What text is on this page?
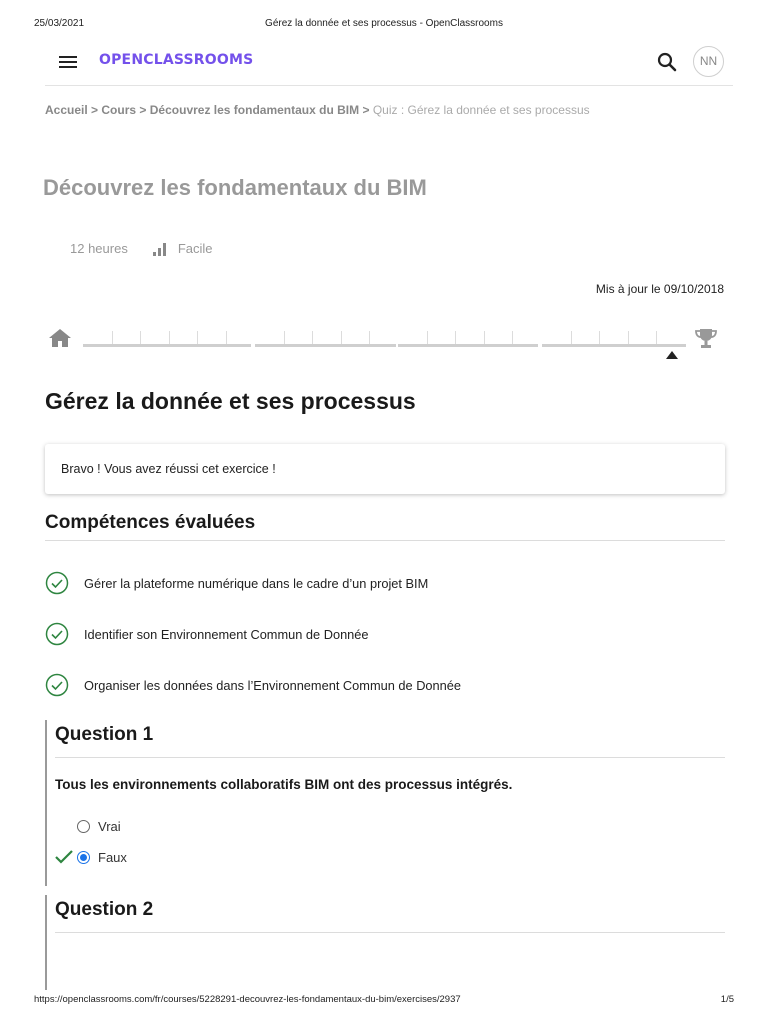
25/03/2021	Gérez la donnée et ses processus - OpenClassrooms
OPENCLASSROOMS	NN
Accueil > Cours > Découvrez les fondamentaux du BIM > Quiz : Gérez la donnée et ses processus
Découvrez les fondamentaux du BIM
12 heures	Facile
Mis à jour le 09/10/2018
Gérez la donnée et ses processus
Bravo ! Vous avez réussi cet exercice !
Compétences évaluées
Gérer la plateforme numérique dans le cadre d’un projet BIM
Identifier son Environnement Commun de Donnée
Organiser les données dans l’Environnement Commun de Donnée
Question 1
Tous les environnements collaboratifs BIM ont des processus intégrés.
Vrai
Faux
Question 2
https://openclassrooms.com/fr/courses/5228291-decouvrez-les-fondamentaux-du-bim/exercises/2937	1/5
